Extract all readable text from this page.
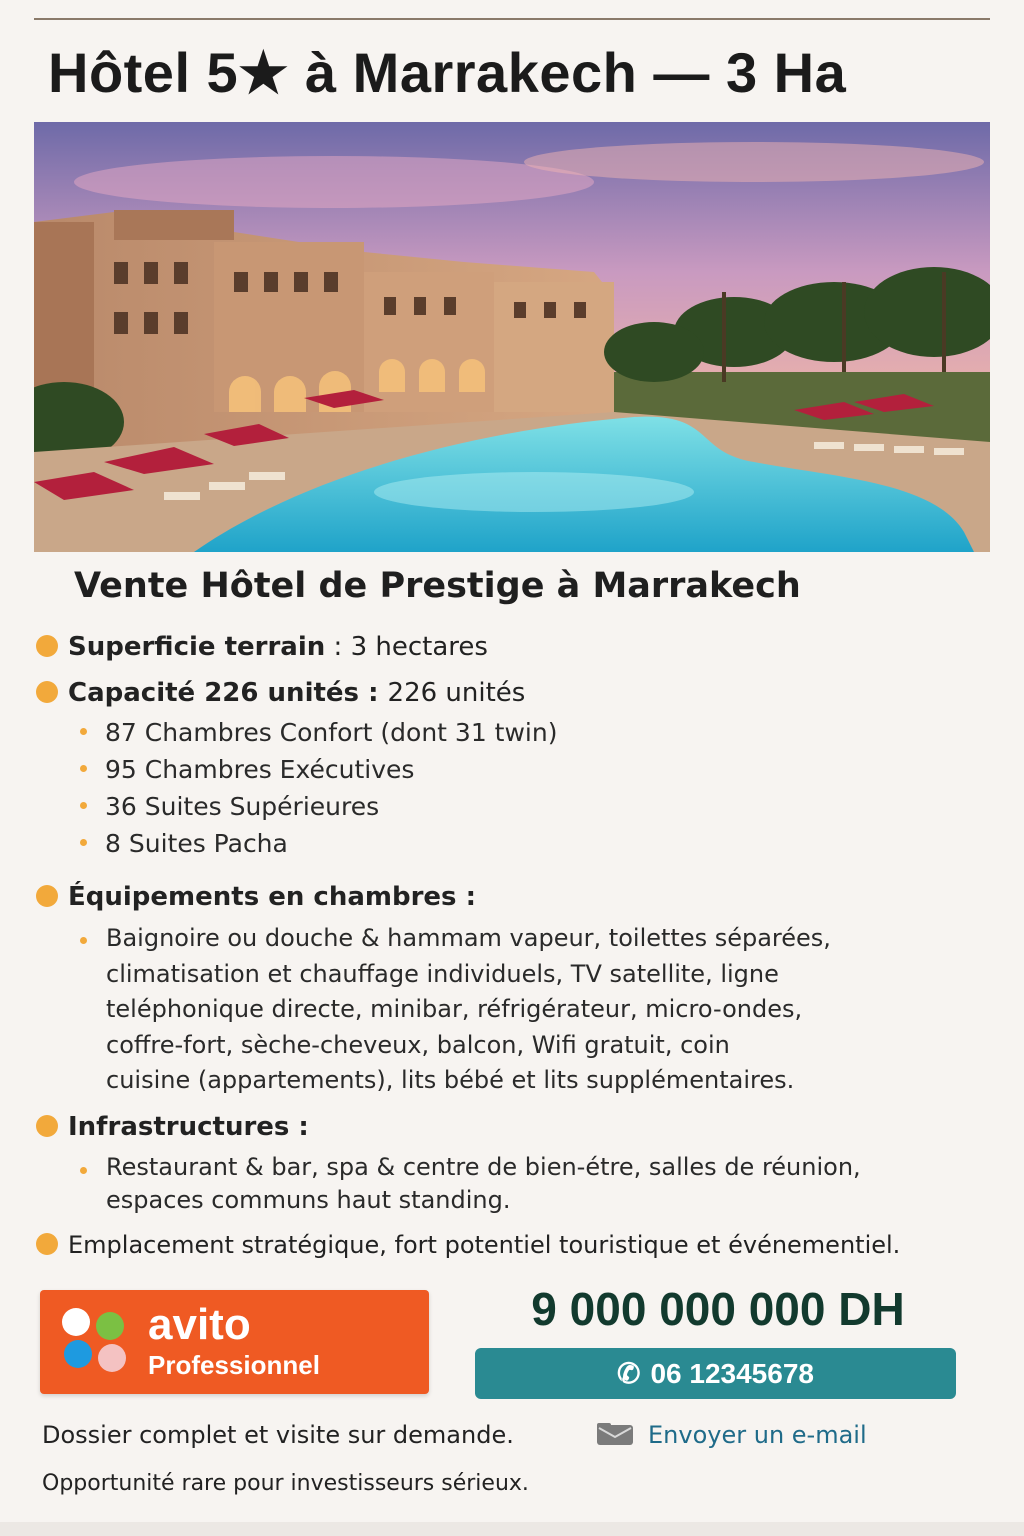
Hôtel 5★ à Marrakech — 3 Ha
Vente Hôtel de Prestige à Marrakech
Superficie terrain : 3 hectares
Capacité 226 unités : 226 unités
87 Chambres Confort (dont 31 twin)
95 Chambres Exécutives
36 Suites Supérieures
8 Suites Pacha
Équipements en chambres :
Baignoire ou douche & hammam vapeur, toilettes séparées,
climatisation et chauffage individuels, TV satellite, ligne
teléphonique directe, minibar, réfrigérateur, micro-ondes,
coffre-fort, sèche-cheveux, balcon, Wifi gratuit, coin
cuisine (appartements), lits bébé et lits supplémentaires.
Infrastructures :
Restaurant & bar, spa & centre de bien-étre, salles de réunion,
espaces communs haut standing.
Emplacement stratégique, fort potentiel touristique et événementiel.
avito
Professionnel
9 000 000 000 DH
✆ 06 12345678
Dossier complet et visite sur demande.	Envoyer un e-mail
Opportunité rare pour investisseurs sérieux.
